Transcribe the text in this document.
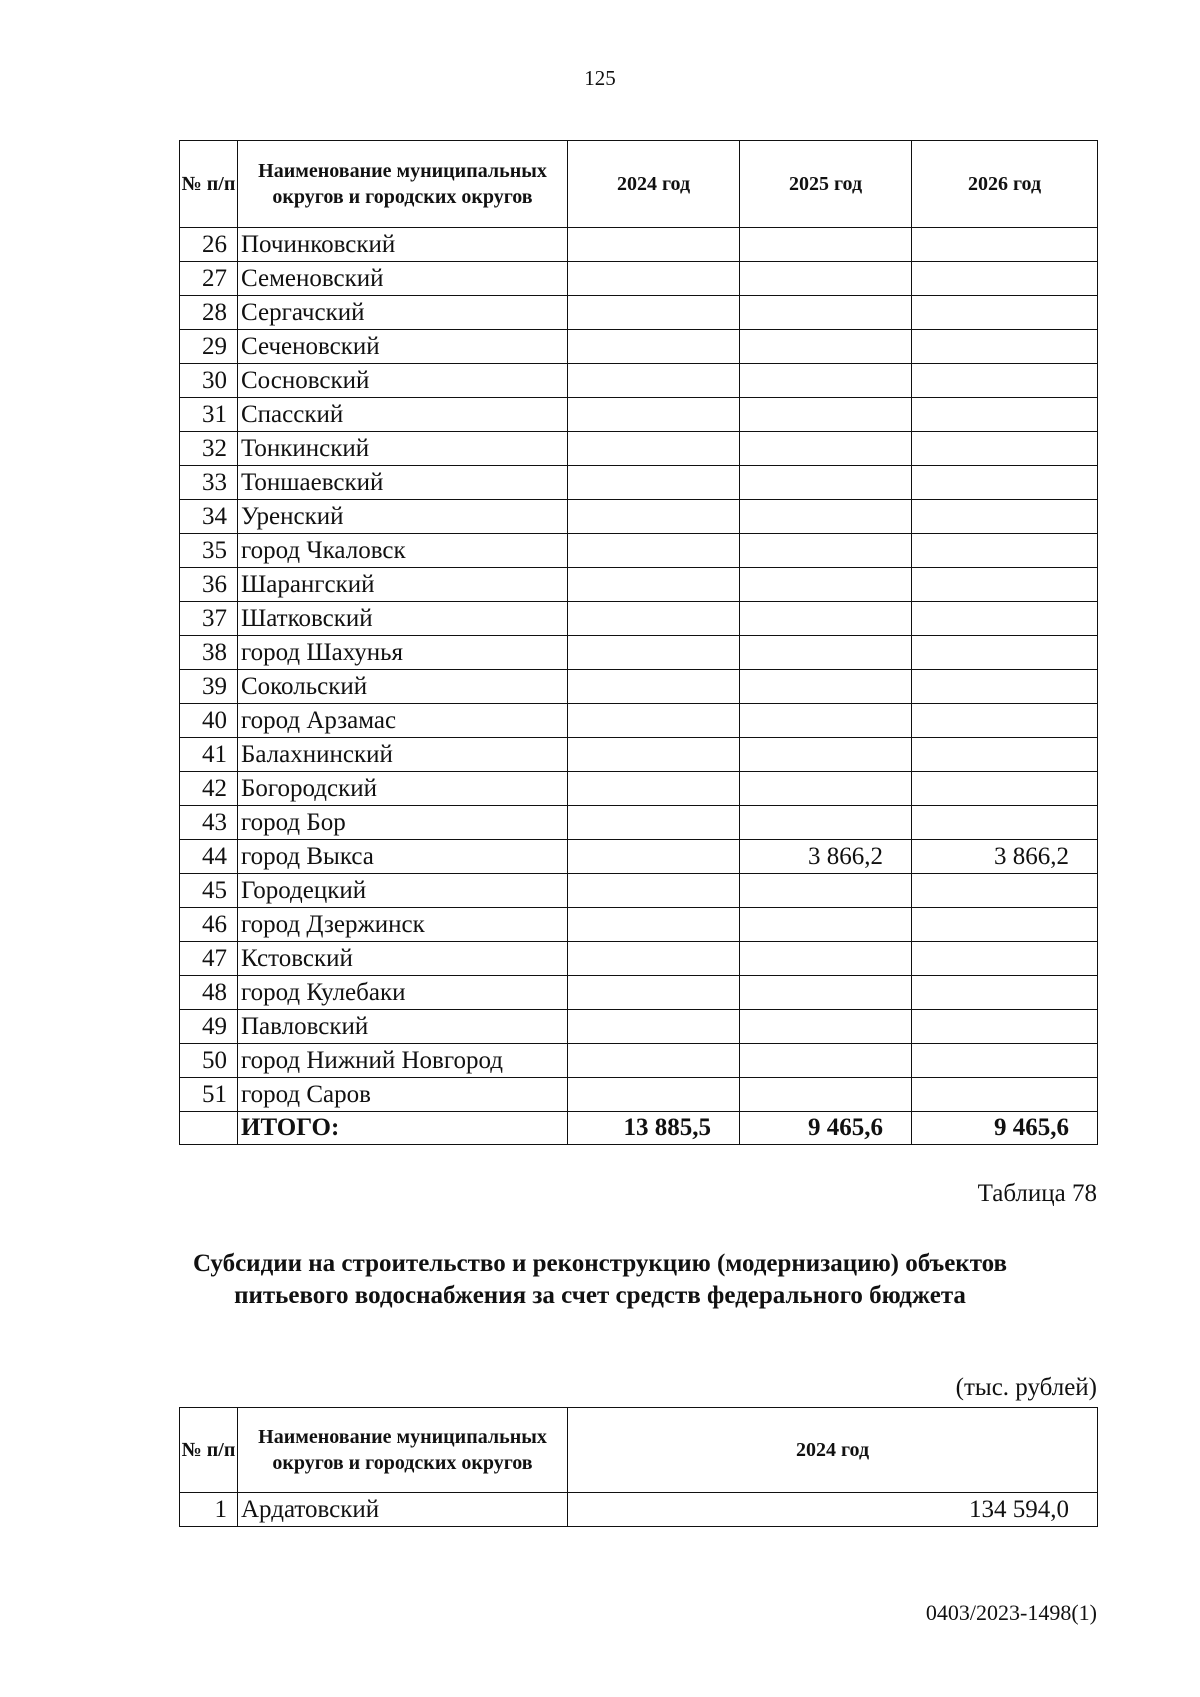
125
№ п/п	Наименование муниципальных округов и городских округов	2024 год	2025 год	2026 год
26	Починковский			
27	Семеновский			
28	Сергачский			
29	Сеченовский			
30	Сосновский			
31	Спасский			
32	Тонкинский			
33	Тоншаевский			
34	Уренский			
35	город Чкаловск			
36	Шарангский			
37	Шатковский			
38	город Шахунья			
39	Сокольский			
40	город Арзамас			
41	Балахнинский			
42	Богородский			
43	город Бор			
44	город Выкса		3 866,2	3 866,2
45	Городецкий			
46	город Дзержинск			
47	Кстовский			
48	город Кулебаки			
49	Павловский			
50	город Нижний Новгород			
51	город Саров			
	ИТОГО:	13 885,5	9 465,6	9 465,6
Таблица 78
Субсидии на строительство и реконструкцию (модернизацию) объектов питьевого водоснабжения за счет средств федерального бюджета
(тыс. рублей)
№ п/п	Наименование муниципальных округов и городских округов	2024 год
1	Ардатовский	134 594,0
0403/2023-1498(1)
